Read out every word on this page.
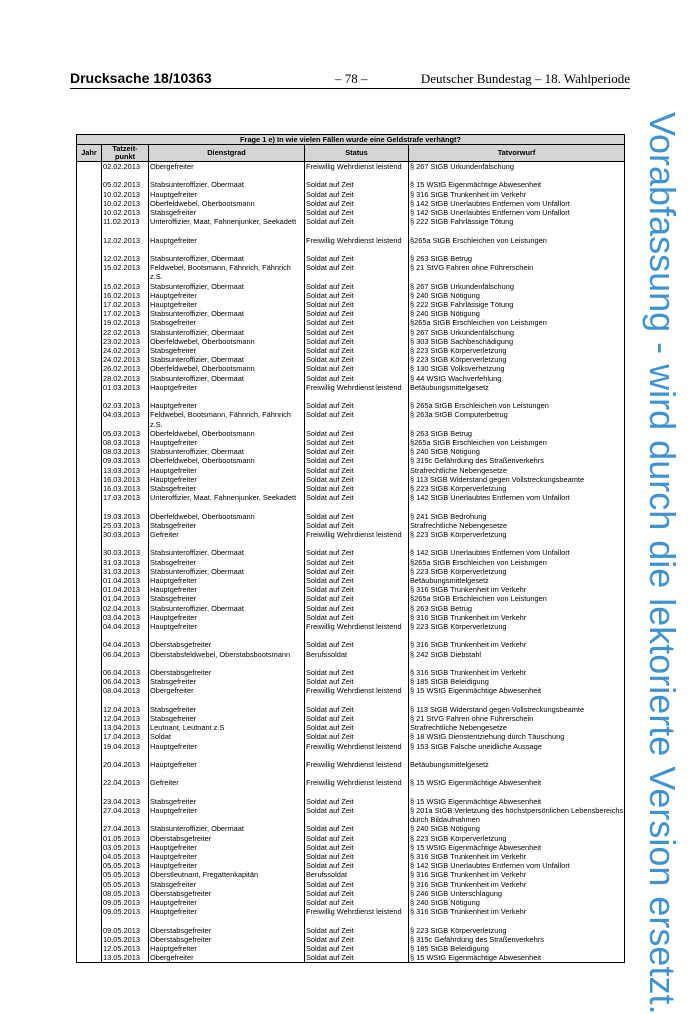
Drucksache 18/10363	– 78 –	Deutscher Bundestag – 18. Wahlperiode
Vorabfassung - wird durch die lektorierte Version ersetzt.
Frage 1 e) In wie vielen Fällen wurde eine Geldstrafe verhängt?				
Jahr	Tatzeit-punkt	Dienstgrad	Status	Tatvorwurf
	02.02.2013	Obergefreiter	Freiwillig Wehrdienst leistend	§ 267 StGB Urkundenfälschung

	05.02.2013	Stabsunteroffizier, Obermaat	Soldat auf Zeit	§ 15 WStG Eigenmächtige Abwesenheit
	10.02.2013	Hauptgefreiter	Soldat auf Zeit	§ 316 StGB Trunkenheit im Verkehr
	10.02.2013	Oberfeldwebel, Oberbootsmann	Soldat auf Zeit	§ 142 StGB Unerlaubtes Entfernen vom Unfallort
	10.02.2013	Stabsgefreiter	Soldat auf Zeit	§ 142 StGB Unerlaubtes Entfernen vom Unfallort
	11.02.2013	Unteroffizier, Maat, Fahnenjunker, Seekadett	Soldat auf Zeit	§ 222 StGB Fahrlässige Tötung

	12.02.2013	Hauptgefreiter	Freiwillig Wehrdienst leistend	§265a StGB Erschleichen von Leistungen

	12.02.2013	Stabsunteroffizier, Obermaat	Soldat auf Zeit	§ 263 StGB Betrug
	15.02.2013	Feldwebel, Bootsmann, Fähnrich, Fähnrich	Soldat auf Zeit	§ 21 StVG Fahren ohne Führerschein
		z.S.		
	15.02.2013	Stabsunteroffizier, Obermaat	Soldat auf Zeit	§ 267 StGB Urkundenfälschung
	16.02.2013	Hauptgefreiter	Soldat auf Zeit	§ 240 StGB Nötigung
	17.02.2013	Hauptgefreiter	Soldat auf Zeit	§ 222 StGB Fahrlässige Tötung
	17.02.2013	Stabsunteroffizier, Obermaat	Soldat auf Zeit	§ 240 StGB Nötigung
	19.02.2013	Stabsgefreiter	Soldat auf Zeit	§265a StGB Erschleichen von Leistungen
	22.02.2013	Stabsunteroffizier, Obermaat	Soldat auf Zeit	§ 267 StGB Urkundenfälschung
	23.02.2013	Oberfeldwebel, Oberbootsmann	Soldat auf Zeit	§ 303 StGB Sachbeschädigung
	24.02.2013	Stabsgefreiter	Soldat auf Zeit	§ 223 StGB Körperverletzung
	24.02.2013	Stabsunteroffizier, Obermaat	Soldat auf Zeit	§ 223 StGB Körperverletzung
	26.02.2013	Oberfeldwebel, Oberbootsmann	Soldat auf Zeit	§ 130 StGB Volksverhetzung
	28.02.2013	Stabsunteroffizier, Obermaat	Soldat auf Zeit	§ 44 WStG Wachverfehlung
	01.03.2013	Hauptgefreiter	Freiwillig Wehrdienst leistend	Betäubungsmittelgesetz

	02.03.2013	Hauptgefreiter	Soldat auf Zeit	§ 265a StGB Erschleichen von Leistungen
	04.03.2013	Feldwebel, Bootsmann, Fähnrich, Fähnrich	Soldat auf Zeit	§ 263a StGB Computerbetrug
		z.S.		
	05.03.2013	Oberfeldwebel, Oberbootsmann	Soldat auf Zeit	§ 263 StGB Betrug
	08.03.2013	Hauptgefreiter	Soldat auf Zeit	§265a StGB Erschleichen von Leistungen
	08.03.2013	Stabsunteroffizier, Obermaat	Soldat auf Zeit	§ 240 StGB Nötigung
	09.03.2013	Oberfeldwebel, Oberbootsmann	Soldat auf Zeit	§ 315c Gefährdung des Straßenverkehrs
	13.03.2013	Hauptgefreiter	Soldat auf Zeit	Strafrechtliche Nebengesetze
	16.03.2013	Hauptgefreiter	Soldat auf Zeit	§ 113 StGB Widerstand gegen Vollstreckungsbeamte
	16.03.2013	Stabsgefreiter	Soldat auf Zeit	§ 223 StGB Körperverletzung
	17.03.2013	Unteroffizier, Maat, Fahnenjunker, Seekadett	Soldat auf Zeit	§ 142 StGB Unerlaubtes Entfernen vom Unfallort

	19.03.2013	Oberfeldwebel, Oberbootsmann	Soldat auf Zeit	§ 241 StGB Bedrohung
	25.03.2013	Stabsgefreiter	Soldat auf Zeit	Strafrechtliche Nebengesetze
	30.03.2013	Gefreiter	Freiwillig Wehrdienst leistend	§ 223 StGB Körperverletzung

	30.03.2013	Stabsunteroffizier, Obermaat	Soldat auf Zeit	§ 142 StGB Unerlaubtes Entfernen vom Unfallort
	31.03.2013	Stabsgefreiter	Soldat auf Zeit	§265a StGB Erschleichen von Leistungen
	31.03.2013	Stabsunteroffizier, Obermaat	Soldat auf Zeit	§ 223 StGB Körperverletzung
	01.04.2013	Hauptgefreiter	Soldat auf Zeit	Betäubungsmittelgesetz
	01.04.2013	Hauptgefreiter	Soldat auf Zeit	§ 316 StGB Trunkenheit im Verkehr
	01.04.2013	Stabsgefreiter	Soldat auf Zeit	§265a StGB Erschleichen von Leistungen
	02.04.2013	Stabsunteroffizier, Obermaat	Soldat auf Zeit	§ 263 StGB Betrug
	03.04.2013	Hauptgefreiter	Soldat auf Zeit	§ 316 StGB Trunkenheit im Verkehr
	04.04.2013	Hauptgefreiter	Freiwillig Wehrdienst leistend	§ 223 StGB Körperverletzung

	04.04.2013	Oberstabsgefreiter	Soldat auf Zeit	§ 316 StGB Trunkenheit im Verkehr
	06.04.2013	Oberstabsfeldwebel, Oberstabsbootsmann	Berufssoldat	§ 242 StGB Diebstahl

	06.04.2013	Oberstabsgefreiter	Soldat auf Zeit	§ 316 StGB Trunkenheit im Verkehr
	06.04.2013	Stabsgefreiter	Soldat auf Zeit	§ 185 StGB Beleidigung
	08.04.2013	Obergefreiter	Freiwillig Wehrdienst leistend	§ 15 WStG Eigenmächtige Abwesenheit

	12.04.2013	Stabsgefreiter	Soldat auf Zeit	§ 113 StGB Widerstand gegen Vollstreckungsbeamte
	12.04.2013	Stabsgefreiter	Soldat auf Zeit	§ 21 StVG Fahren ohne Führerschein
	13.04.2013	Leutnant, Leutnant z.S	Soldat auf Zeit	Strafrechtliche Nebengesetze
	17.04.2013	Soldat	Soldat auf Zeit	§ 18 WStG Dienstentziehung durch Täuschung
	19.04.2013	Hauptgefreiter	Freiwillig Wehrdienst leistend	§ 153 StGB Falsche uneidliche Aussage

	20.04.2013	Hauptgefreiter	Freiwillig Wehrdienst leistend	Betäubungsmittelgesetz

	22.04.2013	Gefreiter	Freiwillig Wehrdienst leistend	§ 15 WStG Eigenmächtige Abwesenheit

	23.04.2013	Stabsgefreiter	Soldat auf Zeit	§ 15 WStG Eigenmächtige Abwesenheit
	27.04.2013	Hauptgefreiter	Soldat auf Zeit	§ 201a StGB Verletzung des höchstpersönlichen Lebensbereichs
				durch Bildaufnahmen
	27.04.2013	Stabsunteroffizier, Obermaat	Soldat auf Zeit	§ 240 StGB Nötigung
	01.05.2013	Oberstabsgefreiter	Soldat auf Zeit	§ 223 StGB Körperverletzung
	03.05.2013	Hauptgefreiter	Soldat auf Zeit	§ 15 WStG Eigenmächtige Abwesenheit
	04.05.2013	Hauptgefreiter	Soldat auf Zeit	§ 316 StGB Trunkenheit im Verkehr
	05.05.2013	Hauptgefreiter	Soldat auf Zeit	§ 142 StGB Unerlaubtes Entfernen vom Unfallort
	05.05.2013	Oberstleutnant, Fregattenkapitän	Berufssoldat	§ 316 StGB Trunkenheit im Verkehr
	05.05.2013	Stabsgefreiter	Soldat auf Zeit	§ 316 StGB Trunkenheit im Verkehr
	08.05.2013	Oberstabsgefreiter	Soldat auf Zeit	§ 246 StGB Unterschlagung
	09.05.2013	Hauptgefreiter	Soldat auf Zeit	§ 240 StGB Nötigung
	09.05.2013	Hauptgefreiter	Freiwillig Wehrdienst leistend	§ 316 StGB Trunkenheit im Verkehr

	09.05.2013	Oberstabsgefreiter	Soldat auf Zeit	§ 223 StGB Körperverletzung
	10.05.2013	Oberstabsgefreiter	Soldat auf Zeit	§ 315c Gefährdung des Straßenverkehrs
	12.05.2013	Hauptgefreiter	Soldat auf Zeit	§ 185 StGB Beleidigung
	13.05.2013	Obergefreiter	Soldat auf Zeit	§ 15 WStG Eigenmächtige Abwesenheit
